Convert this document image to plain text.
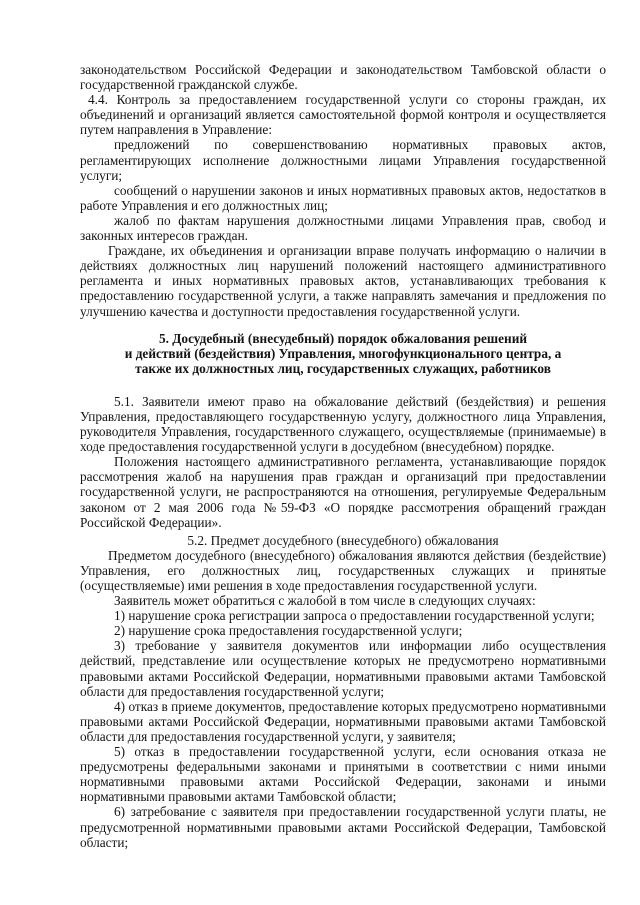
законодательством Российской Федерации и законодательством Тамбовской области о государственной гражданской службе.

4.4. Контроль за предоставлением государственной услуги со стороны граждан, их объединений и организаций является самостоятельной формой контроля и осуществляется путем направления в Управление:

предложений по совершенствованию нормативных правовых актов, регламентирующих исполнение должностными лицами Управления государственной услуги;

сообщений о нарушении законов и иных нормативных правовых актов, недостатков в работе Управления и его должностных лиц;

жалоб по фактам нарушения должностными лицами Управления прав, свобод и законных интересов граждан.

Граждане, их объединения и организации вправе получать информацию о наличии в действиях должностных лиц нарушений положений настоящего административного регламента и иных нормативных правовых актов, устанавливающих требования к предоставлению государственной услуги, а также направлять замечания и предложения по улучшению качества и доступности предоставления государственной услуги.

5. Досудебный (внесудебный) порядок обжалования решений
и действий (бездействия) Управления, многофункционального центра, а
также их должностных лиц, государственных служащих, работников

5.1. Заявители имеют право на обжалование действий (бездействия) и решения Управления, предоставляющего государственную услугу, должностного лица Управления, руководителя Управления, государственного служащего, осуществляемые (принимаемые) в ходе предоставления государственной услуги в досудебном (внесудебном) порядке.

Положения настоящего административного регламента, устанавливающие порядок рассмотрения жалоб на нарушения прав граждан и организаций при предоставлении государственной услуги, не распространяются на отношения, регулируемые Федеральным законом от 2 мая 2006 года №59-ФЗ «О порядке рассмотрения обращений граждан Российской Федерации».

5.2. Предмет досудебного (внесудебного) обжалования

Предметом досудебного (внесудебного) обжалования являются действия (бездействие) Управления, его должностных лиц, государственных служащих и принятые (осуществляемые) ими решения в ходе предоставления государственной услуги.

Заявитель может обратиться с жалобой в том числе в следующих случаях:

1) нарушение срока регистрации запроса о предоставлении государственной услуги;

2) нарушение срока предоставления государственной услуги;

3) требование у заявителя документов или информации либо осуществления действий, представление или осуществление которых не предусмотрено нормативными правовыми актами Российской Федерации, нормативными правовыми актами Тамбовской области для предоставления государственной услуги;

4) отказ в приеме документов, предоставление которых предусмотрено нормативными правовыми актами Российской Федерации, нормативными правовыми актами Тамбовской области для предоставления государственной услуги, у заявителя;

5) отказ в предоставлении государственной услуги, если основания отказа не предусмотрены федеральными законами и принятыми в соответствии с ними иными нормативными правовыми актами Российской Федерации, законами и иными нормативными правовыми актами Тамбовской области;

6) затребование с заявителя при предоставлении государственной услуги платы, не предусмотренной нормативными правовыми актами Российской Федерации, Тамбовской области;
